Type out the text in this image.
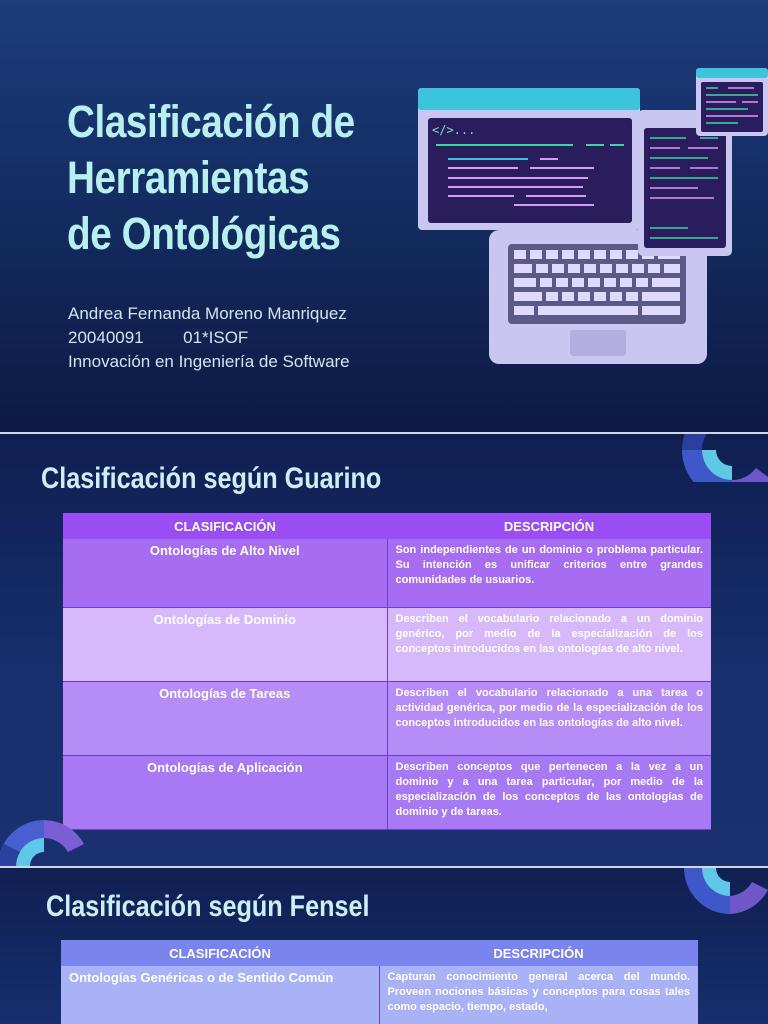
Clasificación de Herramientas de Ontológicas
Andrea Fernanda Moreno Manriquez
20040091 01*ISOF
Innovación en Ingeniería de Software
</>...
Clasificación según Guarino
CLASIFICACIÓN	DESCRIPCIÓN
Ontologías de Alto Nivel	Son independientes de un dominio o problema particular. Su intención es unificar criterios entre grandes comunidades de usuarios.
Ontologías de Dominio	Describen el vocabulario relacionado a un dominio genérico, por medio de la especialización de los conceptos introducidos en las ontologías de alto nivel.
Ontologías de Tareas	Describen el vocabulario relacionado a una tarea o actividad genérica, por medio de la especialización de los conceptos introducidos en las ontologías de alto nivel.
Ontologías de Aplicación	Describen conceptos que pertenecen a la vez a un dominio y a una tarea particular, por medio de la especialización de los conceptos de las ontologías de dominio y de tareas.
Clasificación según Fensel
CLASIFICACIÓN	DESCRIPCIÓN
Ontologías Genéricas o de Sentido Común	Capturan conocimiento general acerca del mundo. Proveen nociones básicas y conceptos para cosas tales como espacio, tiempo, estado,
